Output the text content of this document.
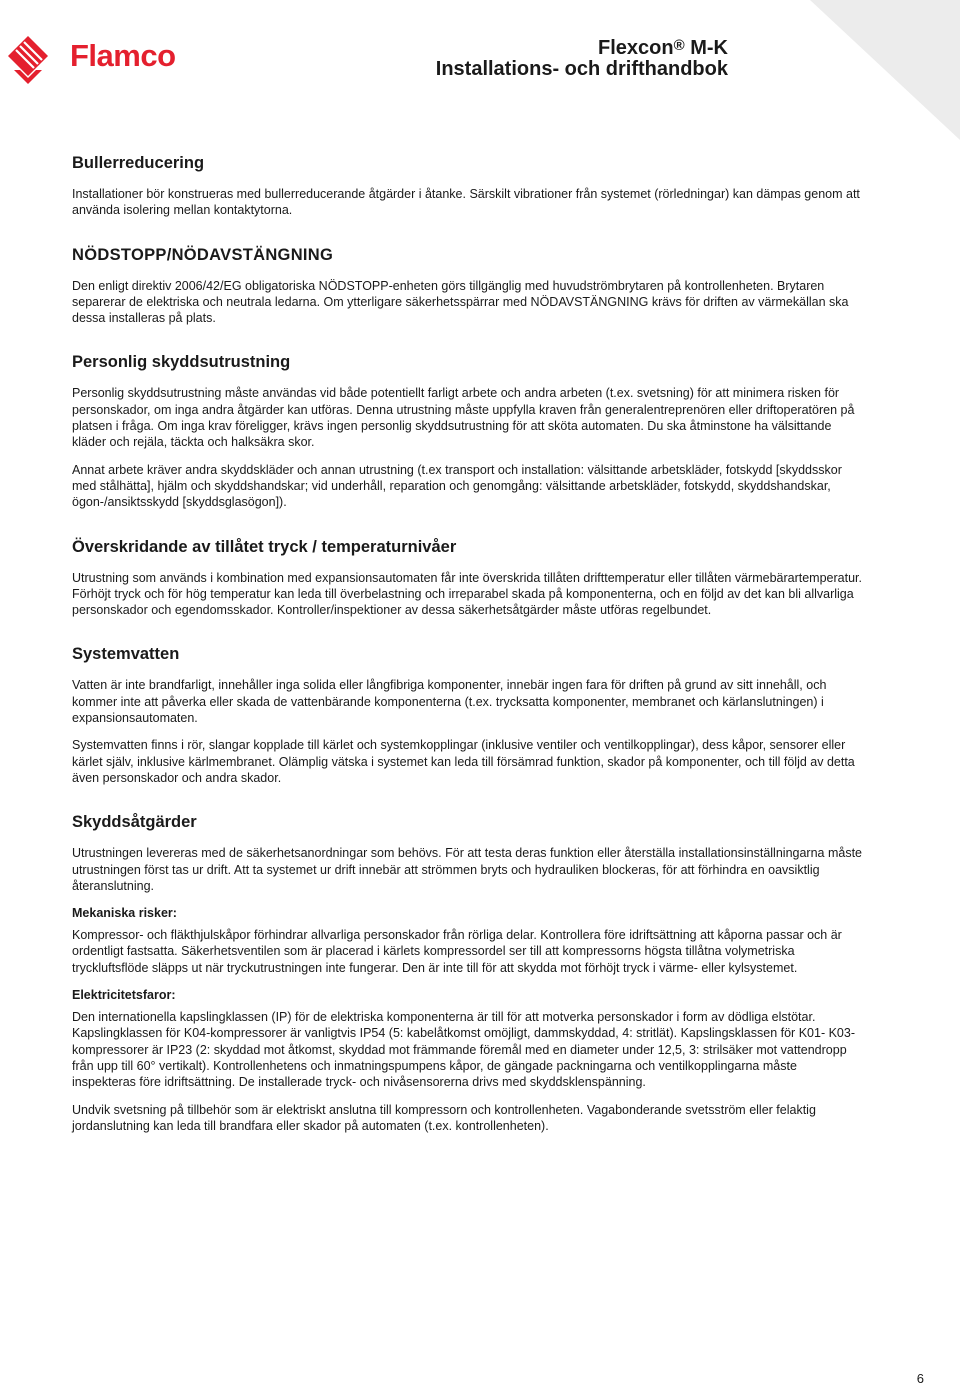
Flamco	Flexcon® M-K
Installations- och drifthandbok
Bullerreducering

Installationer bör konstrueras med bullerreducerande åtgärder i åtanke. Särskilt vibrationer från systemet (rörledningar) kan dämpas genom att använda isolering mellan kontaktytorna.

NÖDSTOPP/NÖDAVSTÄNGNING

Den enligt direktiv 2006/42/EG obligatoriska NÖDSTOPP-enheten görs tillgänglig med huvudströmbrytaren på kontrollenheten. Brytaren separerar de elektriska och neutrala ledarna. Om ytterligare säkerhetsspärrar med NÖDAVSTÄNGNING krävs för driften av värmekällan ska dessa installeras på plats.

Personlig skyddsutrustning

Personlig skyddsutrustning måste användas vid både potentiellt farligt arbete och andra arbeten (t.ex. svetsning) för att minimera risken för personskador, om inga andra åtgärder kan utföras. Denna utrustning måste uppfylla kraven från generalentreprenören eller driftoperatören på platsen i fråga. Om inga krav föreligger, krävs ingen personlig skyddsutrustning för att sköta automaten. Du ska åtminstone ha välsittande kläder och rejäla, täckta och halksäkra skor.

Annat arbete kräver andra skyddskläder och annan utrustning (t.ex transport och installation: välsittande arbetskläder, fotskydd [skyddsskor med stålhätta], hjälm och skyddshandskar; vid underhåll, reparation och genomgång: välsittande arbetskläder, fotskydd, skyddshandskar, ögon-/ansiktsskydd [skyddsglasögon]).

Överskridande av tillåtet tryck / temperaturnivåer

Utrustning som används i kombination med expansionsautomaten får inte överskrida tillåten drifttemperatur eller tillåten värmebärartemperatur. Förhöjt tryck och för hög temperatur kan leda till överbelastning och irreparabel skada på komponenterna, och en följd av det kan bli allvarliga personskador och egendomsskador. Kontroller/inspektioner av dessa säkerhetsåtgärder måste utföras regelbundet.

Systemvatten

Vatten är inte brandfarligt, innehåller inga solida eller långfibriga komponenter, innebär ingen fara för driften på grund av sitt innehåll, och kommer inte att påverka eller skada de vattenbärande komponenterna (t.ex. trycksatta komponenter, membranet och kärlanslutningen) i expansionsautomaten.

Systemvatten finns i rör, slangar kopplade till kärlet och systemkopplingar (inklusive ventiler och ventilkopplingar), dess kåpor, sensorer eller kärlet själv, inklusive kärlmembranet. Olämplig vätska i systemet kan leda till försämrad funktion, skador på komponenter, och till följd av detta även personskador och andra skador.

Skyddsåtgärder

Utrustningen levereras med de säkerhetsanordningar som behövs. För att testa deras funktion eller återställa installationsinställningarna måste utrustningen först tas ur drift. Att ta systemet ur drift innebär att strömmen bryts och hydrauliken blockeras, för att förhindra en oavsiktlig återanslutning.

Mekaniska risker:

Kompressor- och fläkthjulskåpor förhindrar allvarliga personskador från rörliga delar. Kontrollera före idriftsättning att kåporna passar och är ordentligt fastsatta. Säkerhetsventilen som är placerad i kärlets kompressordel ser till att kompressorns högsta tillåtna volymetriska tryckluftsflöde släpps ut när tryckutrustningen inte fungerar. Den är inte till för att skydda mot förhöjt tryck i värme- eller kylsystemet.

Elektricitetsfaror:

Den internationella kapslingklassen (IP) för de elektriska komponenterna är till för att motverka personskador i form av dödliga elstötar. Kapslingklassen för K04-kompressorer är vanligtvis IP54 (5: kabelåtkomst omöjligt, dammskyddad, 4: stritlät). Kapslingsklassen för K01- K03-kompressorer är IP23 (2: skyddad mot åtkomst, skyddad mot främmande föremål med en diameter under 12,5, 3: strilsäker mot vattendropp från upp till 60° vertikalt). Kontrollenhetens och inmatningspumpens kåpor, de gängade packningarna och ventilkopplingarna måste inspekteras före idriftsättning. De installerade tryck- och nivåsensorerna drivs med skyddsklenspänning.

Undvik svetsning på tillbehör som är elektriskt anslutna till kompressorn och kontrollenheten. Vagabonderande svetsström eller felaktig jordanslutning kan leda till brandfara eller skador på automaten (t.ex. kontrollenheten).

6
